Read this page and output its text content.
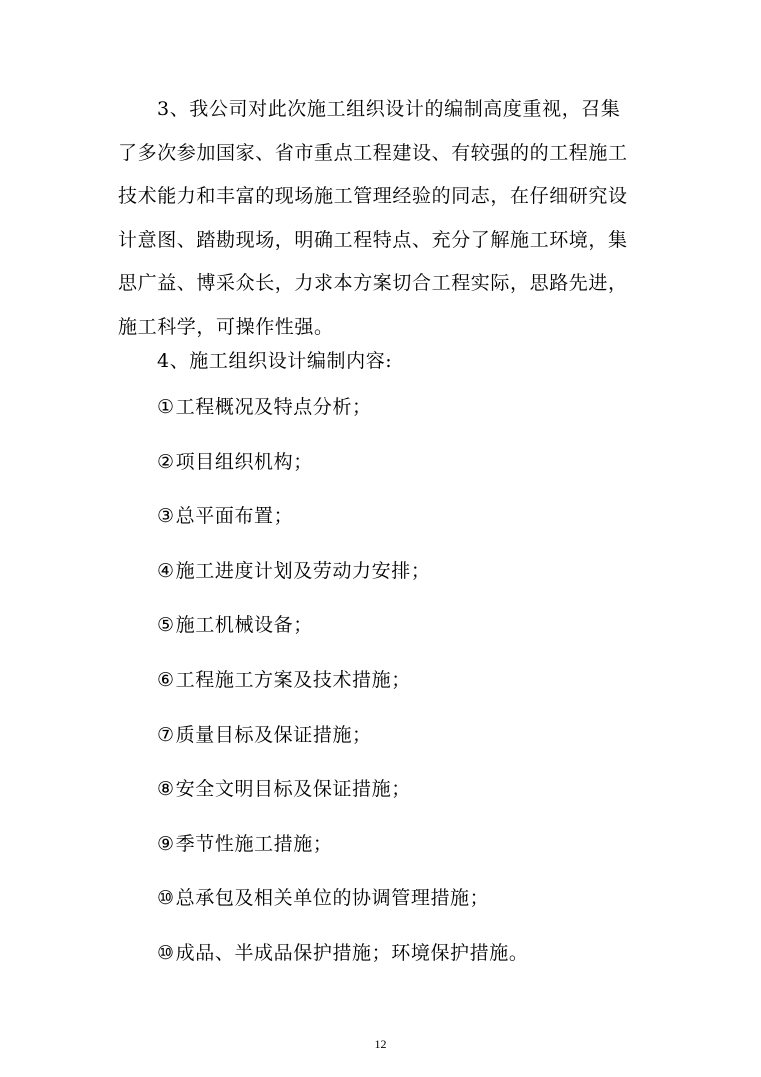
3、我公司对此次施工组织设计的编制高度重视，召集了多次参加国家、省市重点工程建设、有较强的的工程施工技术能力和丰富的现场施工管理经验的同志，在仔细研究设计意图、踏勘现场，明确工程特点、充分了解施工环境，集思广益、博采众长，力求本方案切合工程实际，思路先进，施工科学，可操作性强。

4、施工组织设计编制内容:

①工程概况及特点分析；

②项目组织机构；

③总平面布置；

④施工进度计划及劳动力安排；

⑤施工机械设备；

⑥工程施工方案及技术措施；

⑦质量目标及保证措施；

⑧安全文明目标及保证措施；

⑨季节性施工措施；

⑩总承包及相关单位的协调管理措施；

⑩成品、半成品保护措施；环境保护措施。

12
